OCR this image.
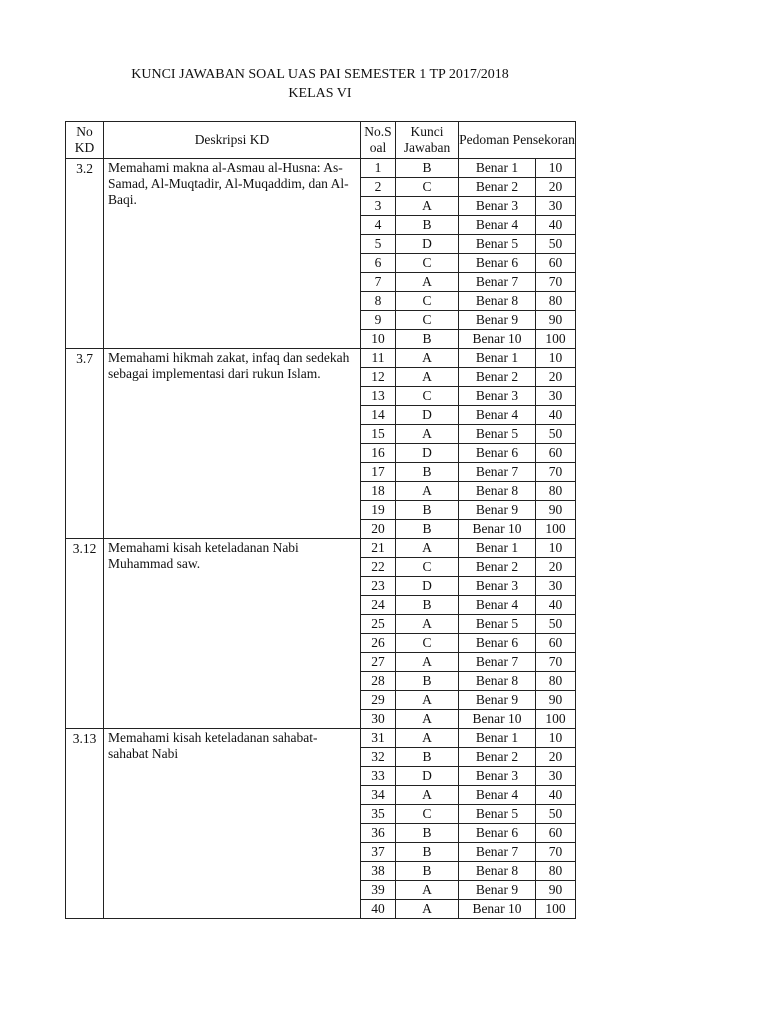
KUNCI JAWABAN SOAL UAS PAI SEMESTER 1 TP 2017/2018
KELAS VI
No KD	Deskripsi KD	No.S oal	Kunci Jawaban	Pedoman Pensekoran	
3.2	Memahami makna al-Asmau al-Husna: As-Samad, Al-Muqtadir, Al-Muqaddim, dan Al-Baqi.	1	B	Benar 1	10
		2	C	Benar 2	20
		3	A	Benar 3	30
		4	B	Benar 4	40
		5	D	Benar 5	50
		6	C	Benar 6	60
		7	A	Benar 7	70
		8	C	Benar 8	80
		9	C	Benar 9	90
		10	B	Benar 10	100
3.7	Memahami hikmah zakat, infaq dan sedekah sebagai implementasi dari rukun Islam.	11	A	Benar 1	10
		12	A	Benar 2	20
		13	C	Benar 3	30
		14	D	Benar 4	40
		15	A	Benar 5	50
		16	D	Benar 6	60
		17	B	Benar 7	70
		18	A	Benar 8	80
		19	B	Benar 9	90
		20	B	Benar 10	100
3.12	Memahami kisah keteladanan Nabi Muhammad saw.	21	A	Benar 1	10
		22	C	Benar 2	20
		23	D	Benar 3	30
		24	B	Benar 4	40
		25	A	Benar 5	50
		26	C	Benar 6	60
		27	A	Benar 7	70
		28	B	Benar 8	80
		29	A	Benar 9	90
		30	A	Benar 10	100
3.13	Memahami kisah keteladanan sahabat-sahabat Nabi	31	A	Benar 1	10
		32	B	Benar 2	20
		33	D	Benar 3	30
		34	A	Benar 4	40
		35	C	Benar 5	50
		36	B	Benar 6	60
		37	B	Benar 7	70
		38	B	Benar 8	80
		39	A	Benar 9	90
		40	A	Benar 10	100
